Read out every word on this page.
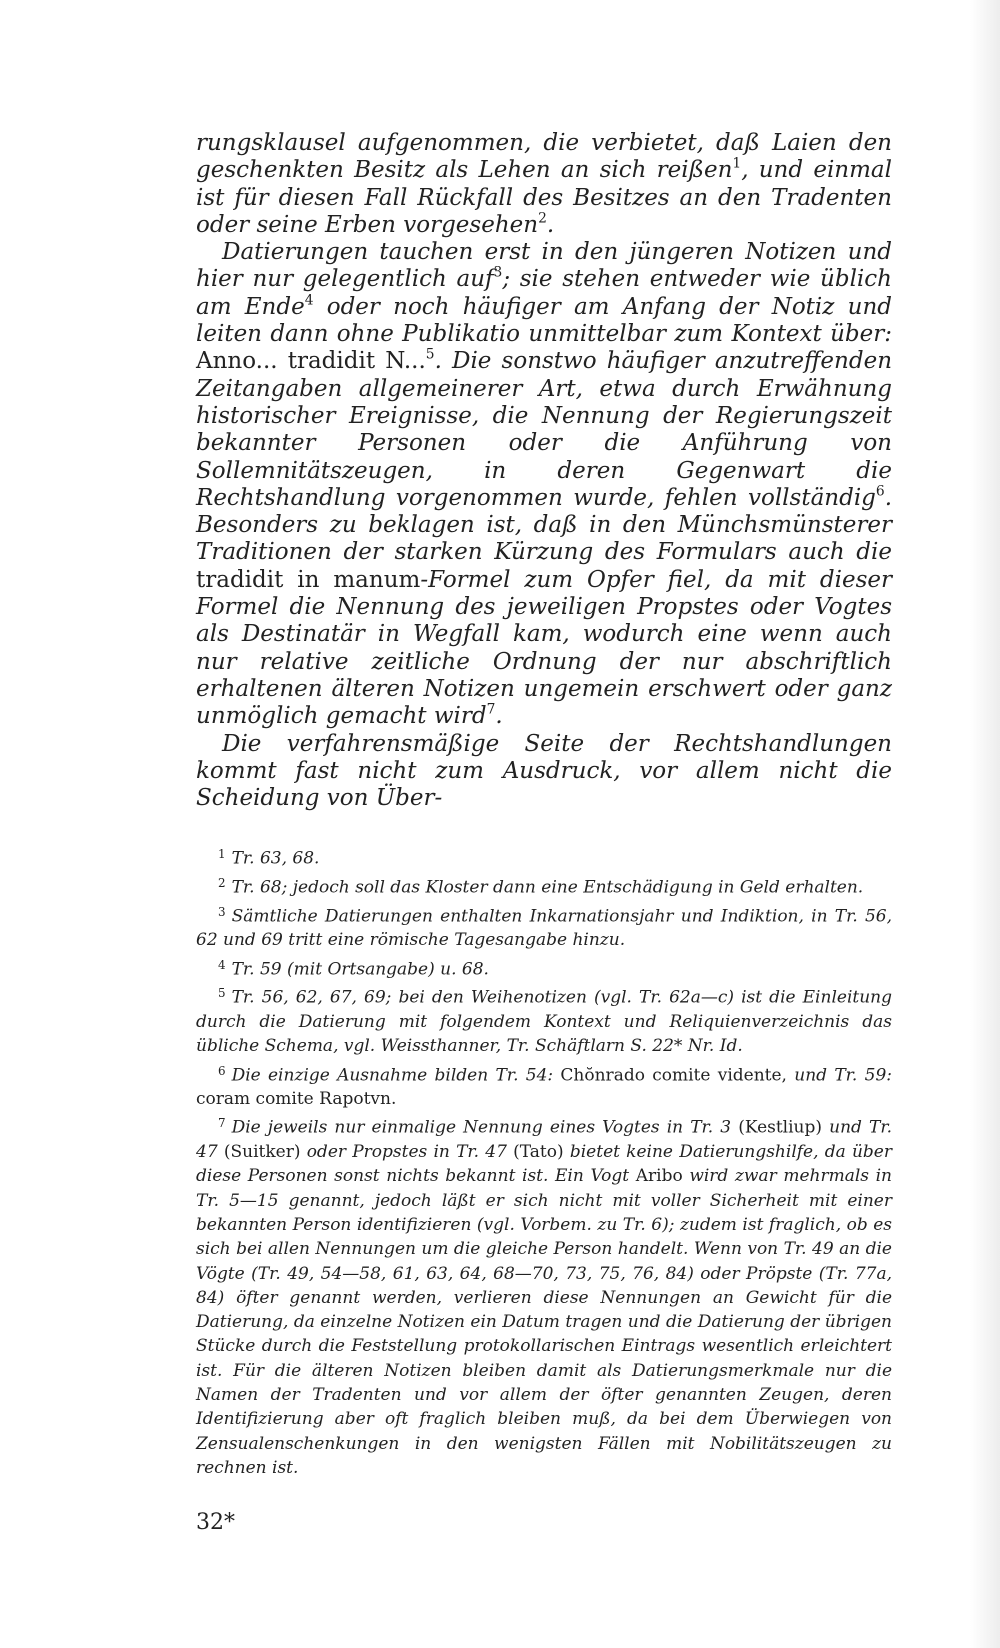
rungsklausel aufgenommen, die verbietet, daß Laien den geschenkten Besitz als Lehen an sich reißen$^1$, und einmal ist für diesen Fall Rückfall des Besitzes an den Tradenten oder seine Erben vorgesehen$^2$.

Datierungen tauchen erst in den jüngeren Notizen und hier nur gelegentlich auf$^3$; sie stehen entweder wie üblich am Ende$^4$ oder noch häufiger am Anfang der Notiz und leiten dann ohne Publikatio unmittelbar zum Kontext über: Anno... tradidit N...$^5$. Die sonstwo häufiger anzutreffenden Zeitangaben allgemeinerer Art, etwa durch Erwähnung historischer Ereignisse, die Nennung der Regierungszeit bekannter Personen oder die Anführung von Sollemnitätszeugen, in deren Gegenwart die Rechtshandlung vorgenommen wurde, fehlen vollständig$^6$. Besonders zu beklagen ist, daß in den Münchsmünsterer Traditionen der starken Kürzung des Formulars auch die tradidit in manum-Formel zum Opfer fiel, da mit dieser Formel die Nennung des jeweiligen Propstes oder Vogtes als Destinatär in Wegfall kam, wodurch eine wenn auch nur relative zeitliche Ordnung der nur abschriftlich erhaltenen älteren Notizen ungemein erschwert oder ganz unmöglich gemacht wird$^7$.

Die verfahrensmäßige Seite der Rechtshandlungen kommt fast nicht zum Ausdruck, vor allem nicht die Scheidung von Über-

$^1$ Tr. 63, 68.

$^2$ Tr. 68; jedoch soll das Kloster dann eine Entschädigung in Geld erhalten.

$^3$ Sämtliche Datierungen enthalten Inkarnationsjahr und Indiktion, in Tr. 56, 62 und 69 tritt eine römische Tagesangabe hinzu.

$^4$ Tr. 59 (mit Ortsangabe) u. 68.

$^5$ Tr. 56, 62, 67, 69; bei den Weihenotizen (vgl. Tr. 62a—c) ist die Einleitung durch die Datierung mit folgendem Kontext und Reliquienverzeichnis das übliche Schema, vgl. Weissthanner, Tr. Schäftlarn S. 22* Nr. Id.

$^6$ Die einzige Ausnahme bilden Tr. 54: Chŏnrado comite vidente, und Tr. 59: coram comite Rapotvn.

$^7$ Die jeweils nur einmalige Nennung eines Vogtes in Tr. 3 (Kestliup) und Tr. 47 (Suitker) oder Propstes in Tr. 47 (Tato) bietet keine Datierungshilfe, da über diese Personen sonst nichts bekannt ist. Ein Vogt Aribo wird zwar mehrmals in Tr. 5—15 genannt, jedoch läßt er sich nicht mit voller Sicherheit mit einer bekannten Person identifizieren (vgl. Vorbem. zu Tr. 6); zudem ist fraglich, ob es sich bei allen Nennungen um die gleiche Person handelt. Wenn von Tr. 49 an die Vögte (Tr. 49, 54—58, 61, 63, 64, 68—70, 73, 75, 76, 84) oder Pröpste (Tr. 77a, 84) öfter genannt werden, verlieren diese Nennungen an Gewicht für die Datierung, da einzelne Notizen ein Datum tragen und die Datierung der übrigen Stücke durch die Feststellung protokollarischen Eintrags wesentlich erleichtert ist. Für die älteren Notizen bleiben damit als Datierungsmerkmale nur die Namen der Tradenten und vor allem der öfter genannten Zeugen, deren Identifizierung aber oft fraglich bleiben muß, da bei dem Überwiegen von Zensualenschenkungen in den wenigsten Fällen mit Nobilitätszeugen zu rechnen ist.

32*
